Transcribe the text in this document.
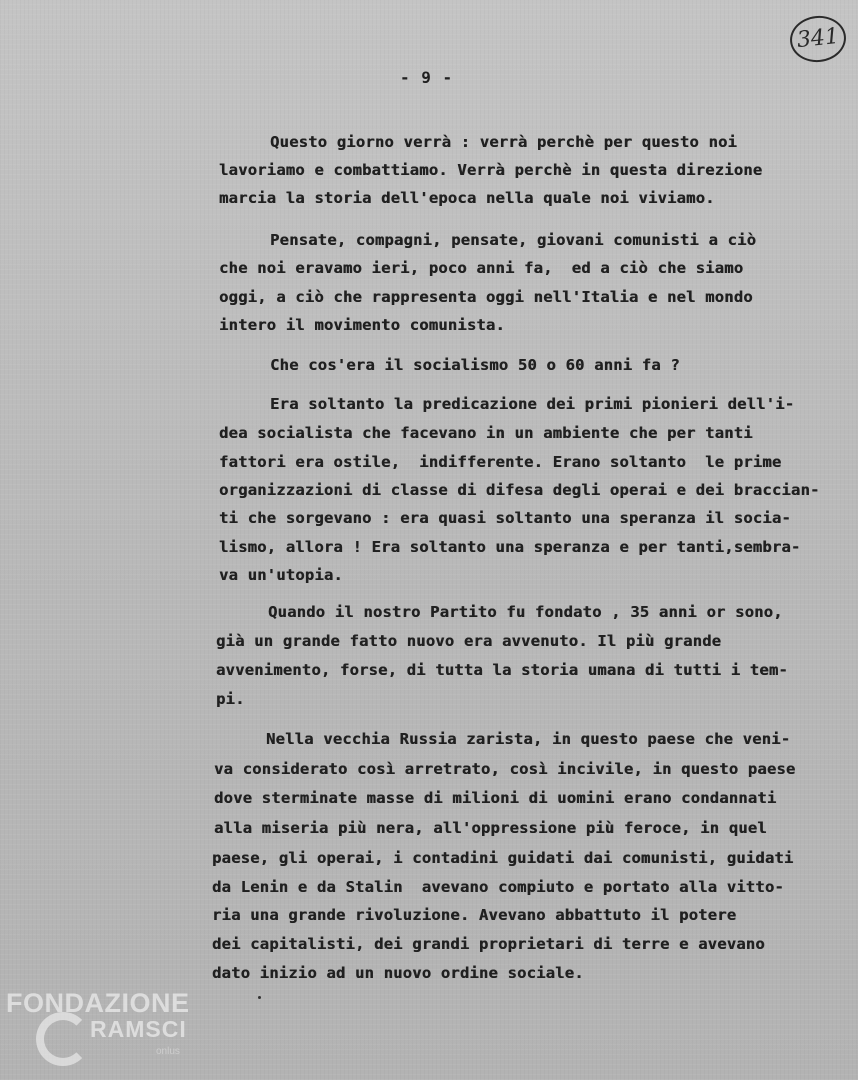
341
- 9 -
Questo giorno verrà : verrà perchè per questo noi
lavoriamo e combattiamo. Verrà perchè in questa direzione
marcia la storia dell'epoca nella quale noi viviamo.
Pensate, compagni, pensate, giovani comunisti a ciò
che noi eravamo ieri, poco anni fa,  ed a ciò che siamo
oggi, a ciò che rappresenta oggi nell'Italia e nel mondo
intero il movimento comunista.
Che cos'era il socialismo 50 o 60 anni fa ?
Era soltanto la predicazione dei primi pionieri dell'i-
dea socialista che facevano in un ambiente che per tanti
fattori era ostile,  indifferente. Erano soltanto  le prime
organizzazioni di classe di difesa degli operai e dei braccian-
ti che sorgevano : era quasi soltanto una speranza il socia-
lismo, allora ! Era soltanto una speranza e per tanti,sembra-
va un'utopia.
Quando il nostro Partito fu fondato , 35 anni or sono,
già un grande fatto nuovo era avvenuto. Il più grande
avvenimento, forse, di tutta la storia umana di tutti i tem-
pi.
Nella vecchia Russia zarista, in questo paese che veni-
va considerato così arretrato, così incivile, in questo paese
dove sterminate masse di milioni di uomini erano condannati
alla miseria più nera, all'oppressione più feroce, in quel
paese, gli operai, i contadini guidati dai comunisti, guidati
da Lenin e da Stalin  avevano compiuto e portato alla vitto-
ria una grande rivoluzione. Avevano abbattuto il potere
dei capitalisti, dei grandi proprietari di terre e avevano
dato inizio ad un nuovo ordine sociale.
FONDAZIONE
RAMSCI
onlus
